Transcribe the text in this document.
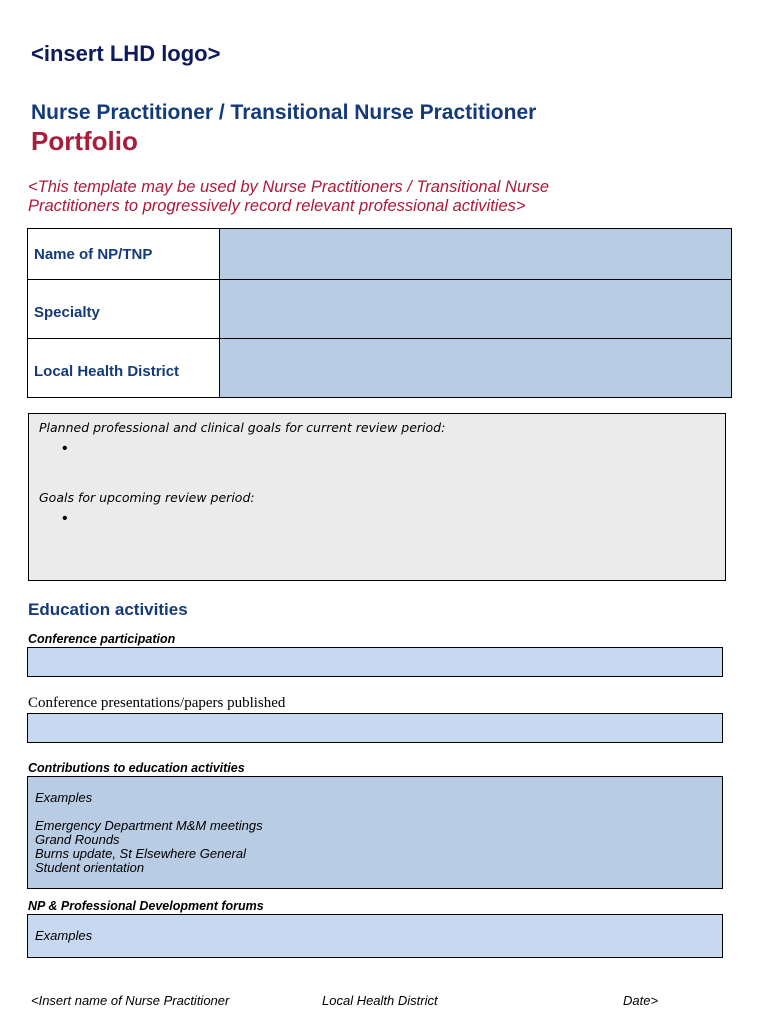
<insert LHD logo>
Nurse Practitioner / Transitional Nurse Practitioner
Portfolio
<This template may be used by Nurse Practitioners / Transitional Nurse
Practitioners to progressively record relevant professional activities>
Name of NP/TNP	
Specialty	
Local Health District	
Planned professional and clinical goals for current review period:
•
Goals for upcoming review period:
•
Education activities
Conference participation
Conference presentations/papers published
Contributions to education activities
Examples
Emergency Department M&M meetings
Grand Rounds
Burns update, St Elsewhere General
Student orientation
NP & Professional Development forums
Examples
<Insert name of Nurse Practitioner	Local Health District	Date>
